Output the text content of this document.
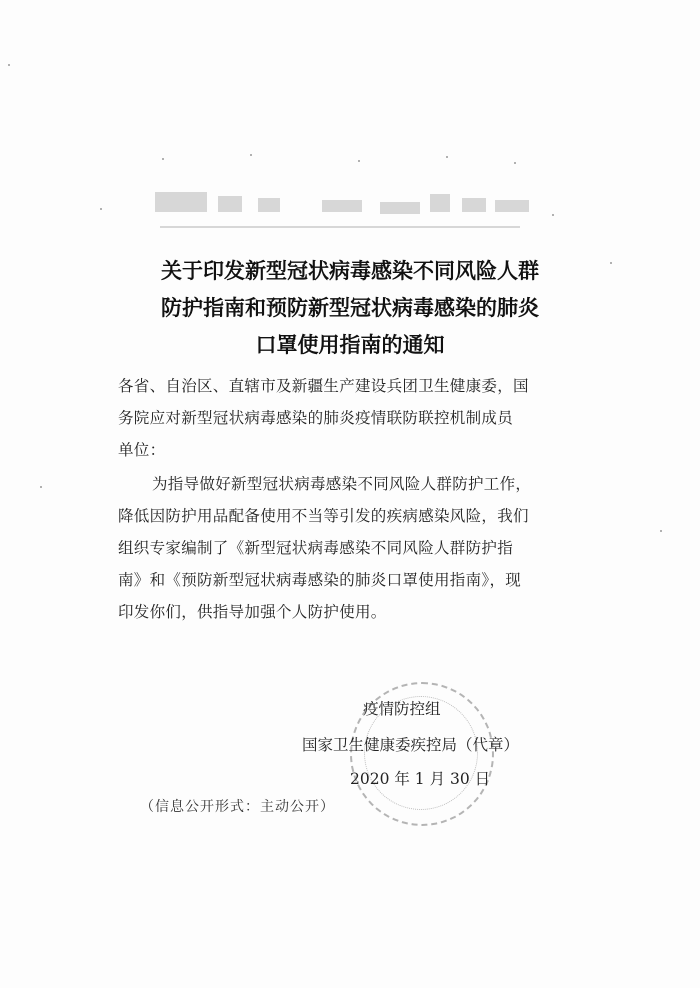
关于印发新型冠状病毒感染不同风险人群
防护指南和预防新型冠状病毒感染的肺炎
口罩使用指南的通知

各省、自治区、直辖市及新疆生产建设兵团卫生健康委，国
务院应对新型冠状病毒感染的肺炎疫情联防联控机制成员
单位：

为指导做好新型冠状病毒感染不同风险人群防护工作，
降低因防护用品配备使用不当等引发的疾病感染风险，我们
组织专家编制了《新型冠状病毒感染不同风险人群防护指
南》和《预防新型冠状病毒感染的肺炎口罩使用指南》，现
印发你们，供指导加强个人防护使用。

疫情防控组
国家卫生健康委疾控局（代章）
2020 年 1 月 30 日
（信息公开形式：主动公开）
